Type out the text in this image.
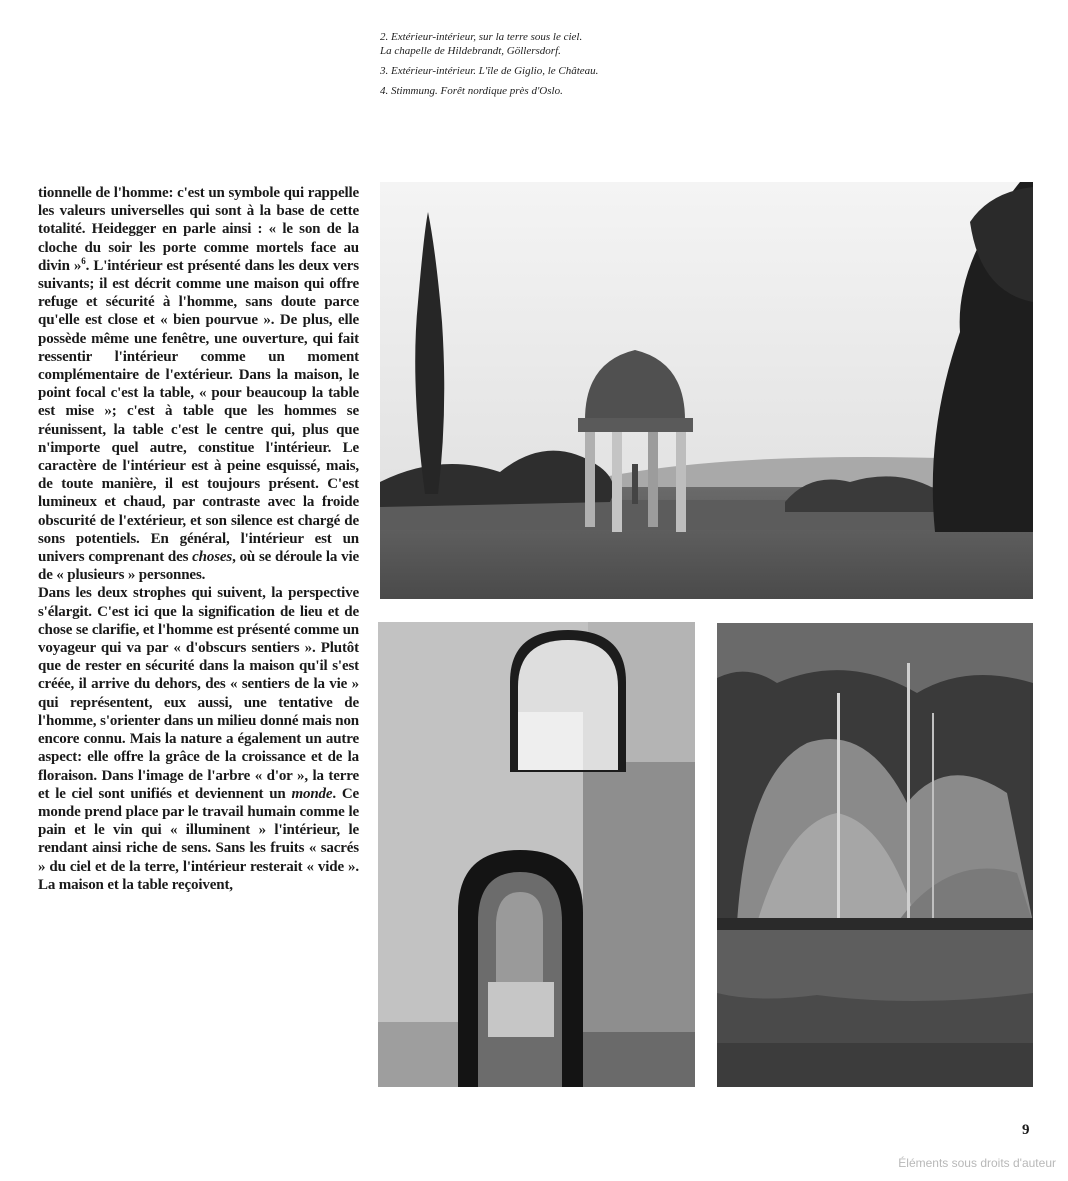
2. Extérieur-intérieur, sur la terre sous le ciel.
La chapelle de Hildebrandt, Göllersdorf.

3. Extérieur-intérieur. L'île de Giglio, le Château.

4. Stimmung. Forêt nordique près d'Oslo.

tionnelle de l'homme: c'est un symbole qui rappelle les valeurs universelles qui sont à la base de cette totalité. Heidegger en parle ainsi : « le son de la cloche du soir les porte comme mortels face au divin »$^6$. L'intérieur est présenté dans les deux vers suivants; il est décrit comme une maison qui offre refuge et sécurité à l'homme, sans doute parce qu'elle est close et « bien pourvue ». De plus, elle possède même une fenêtre, une ouverture, qui fait ressentir l'intérieur comme un moment complémentaire de l'extérieur. Dans la maison, le point focal c'est la table, « pour beaucoup la table est mise »; c'est à table que les hommes se réunissent, la table c'est le centre qui, plus que n'importe quel autre, constitue l'intérieur. Le caractère de l'intérieur est à peine esquissé, mais, de toute manière, il est toujours présent. C'est lumineux et chaud, par contraste avec la froide obscurité de l'extérieur, et son silence est chargé de sons potentiels. En général, l'intérieur est un univers comprenant des choses, où se déroule la vie de « plusieurs » personnes.

Dans les deux strophes qui suivent, la perspective s'élargit. C'est ici que la signification de lieu et de chose se clarifie, et l'homme est présenté comme un voyageur qui va par « d'obscurs sentiers ». Plutôt que de rester en sécurité dans la maison qu'il s'est créée, il arrive du dehors, des « sentiers de la vie » qui représentent, eux aussi, une tentative de l'homme, s'orienter dans un milieu donné mais non encore connu. Mais la nature a également un autre aspect: elle offre la grâce de la croissance et de la floraison. Dans l'image de l'arbre « d'or », la terre et le ciel sont unifiés et deviennent un monde. Ce monde prend place par le travail humain comme le pain et le vin qui « illuminent » l'intérieur, le rendant ainsi riche de sens. Sans les fruits « sacrés » du ciel et de la terre, l'intérieur resterait « vide ». La maison et la table reçoivent,

9
Éléments sous droits d'auteur
